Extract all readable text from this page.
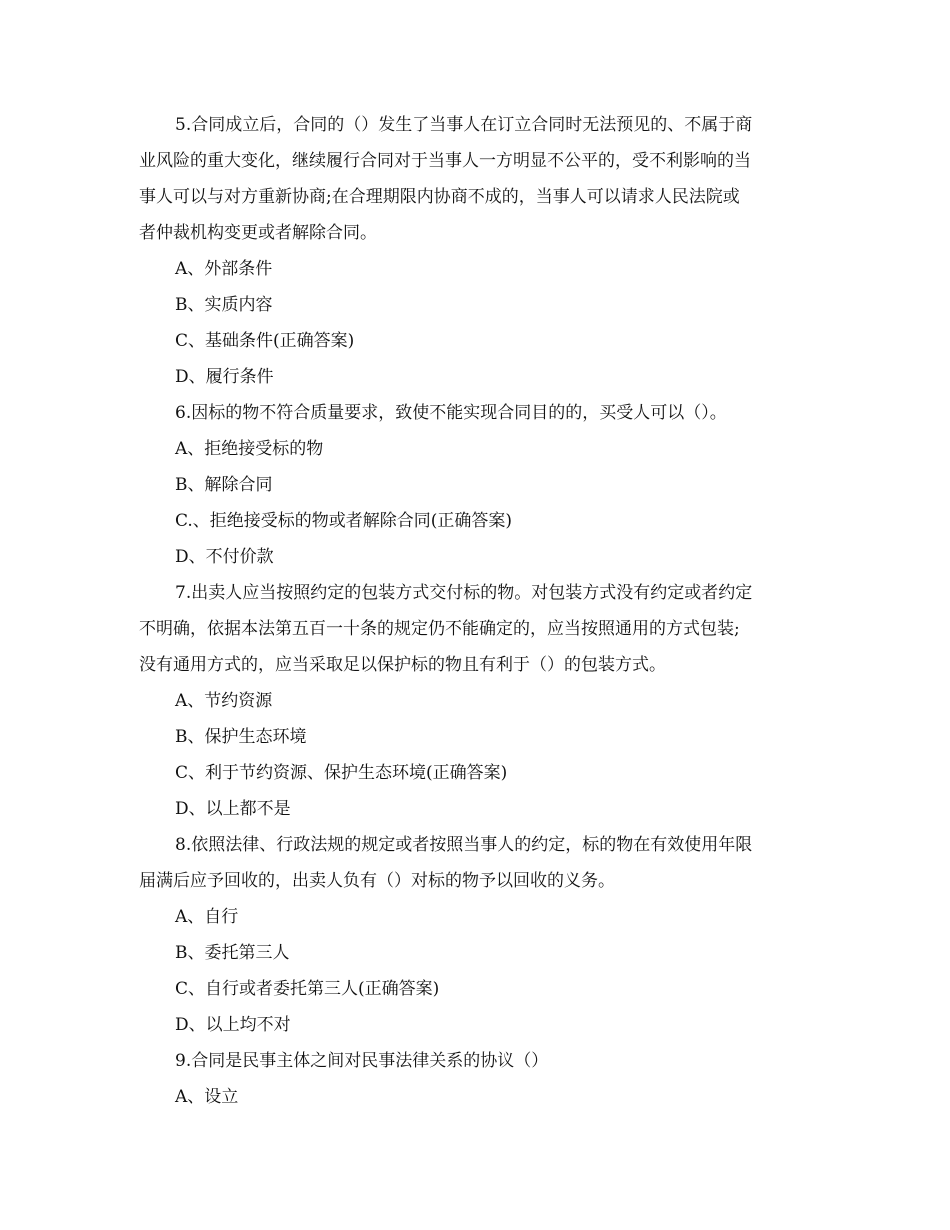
5.合同成立后，合同的（）发生了当事人在订立合同时无法预见的、不属于商
业风险的重大变化，继续履行合同对于当事人一方明显不公平的，受不利影响的当
事人可以与对方重新协商;在合理期限内协商不成的，当事人可以请求人民法院或
者仲裁机构变更或者解除合同。
A、外部条件
B、实质内容
C、基础条件(正确答案)
D、履行条件
6.因标的物不符合质量要求，致使不能实现合同目的的，买受人可以（）。
A、拒绝接受标的物
B、解除合同
C.、拒绝接受标的物或者解除合同(正确答案)
D、不付价款
7.出卖人应当按照约定的包装方式交付标的物。对包装方式没有约定或者约定
不明确，依据本法第五百一十条的规定仍不能确定的，应当按照通用的方式包装;
没有通用方式的，应当采取足以保护标的物且有利于（）的包装方式。
A、节约资源
B、保护生态环境
C、利于节约资源、保护生态环境(正确答案)
D、以上都不是
8.依照法律、行政法规的规定或者按照当事人的约定，标的物在有效使用年限
届满后应予回收的，出卖人负有（）对标的物予以回收的义务。
A、自行
B、委托第三人
C、自行或者委托第三人(正确答案)
D、以上均不对
9.合同是民事主体之间对民事法律关系的协议（）
A、设立
